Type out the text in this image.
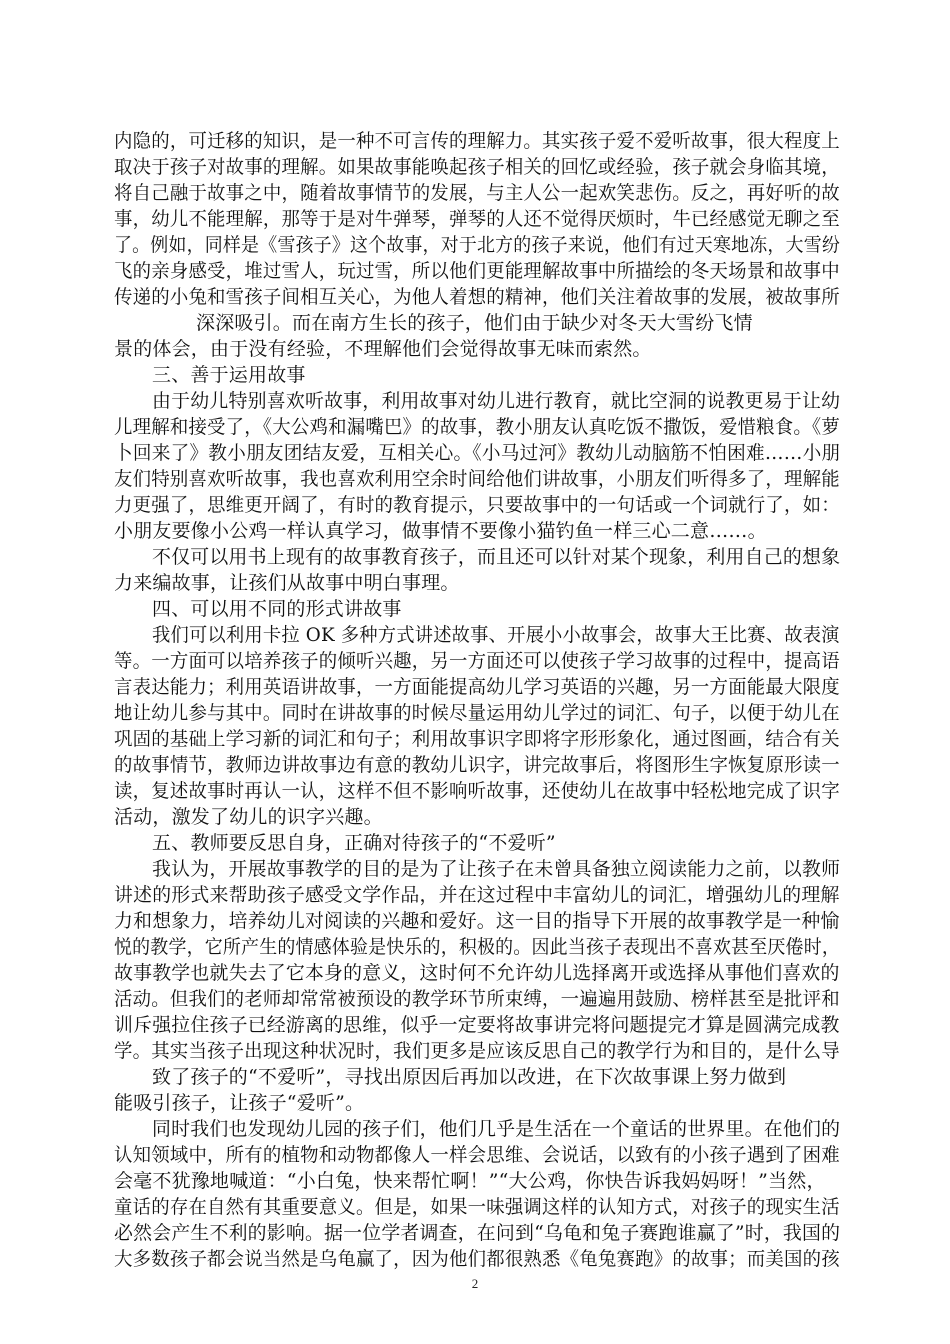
内隐的，可迁移的知识，是一种不可言传的理解力。其实孩子爱不爱听故事，很大程度上
取决于孩子对故事的理解。如果故事能唤起孩子相关的回忆或经验，孩子就会身临其境，
将自己融于故事之中，随着故事情节的发展，与主人公一起欢笑悲伤。反之，再好听的故
事，幼儿不能理解，那等于是对牛弹琴，弹琴的人还不觉得厌烦时，牛已经感觉无聊之至
了。例如，同样是《雪孩子》这个故事，对于北方的孩子来说，他们有过天寒地冻，大雪纷
飞的亲身感受，堆过雪人，玩过雪，所以他们更能理解故事中所描绘的冬天场景和故事中
传递的小兔和雪孩子间相互关心，为他人着想的精神，他们关注着故事的发展，被故事所
深深吸引。而在南方生长的孩子，他们由于缺少对冬天大雪纷飞情
景的体会，由于没有经验，不理解他们会觉得故事无味而索然。
三、善于运用故事
由于幼儿特别喜欢听故事，利用故事对幼儿进行教育，就比空洞的说教更易于让幼
儿理解和接受了，《大公鸡和漏嘴巴》的故事，教小朋友认真吃饭不撒饭，爱惜粮食。《萝
卜回来了》教小朋友团结友爱，互相关心。《小马过河》教幼儿动脑筋不怕困难……小朋
友们特别喜欢听故事，我也喜欢利用空余时间给他们讲故事，小朋友们听得多了，理解能
力更强了，思维更开阔了，有时的教育提示，只要故事中的一句话或一个词就行了，如：
小朋友要像小公鸡一样认真学习，做事情不要像小猫钓鱼一样三心二意……。
不仅可以用书上现有的故事教育孩子，而且还可以针对某个现象，利用自己的想象
力来编故事，让孩们从故事中明白事理。
四、可以用不同的形式讲故事
我们可以利用卡拉 OK 多种方式讲述故事、开展小小故事会，故事大王比赛、故表演
等。一方面可以培养孩子的倾听兴趣，另一方面还可以使孩子学习故事的过程中，提高语
言表达能力；利用英语讲故事，一方面能提高幼儿学习英语的兴趣，另一方面能最大限度
地让幼儿参与其中。同时在讲故事的时候尽量运用幼儿学过的词汇、句子，以便于幼儿在
巩固的基础上学习新的词汇和句子；利用故事识字即将字形形象化，通过图画，结合有关
的故事情节，教师边讲故事边有意的教幼儿识字，讲完故事后，将图形生字恢复原形读一
读，复述故事时再认一认，这样不但不影响听故事，还使幼儿在故事中轻松地完成了识字
活动，激发了幼儿的识字兴趣。
五、教师要反思自身，正确对待孩子的“不爱听”
我认为，开展故事教学的目的是为了让孩子在未曾具备独立阅读能力之前，以教师
讲述的形式来帮助孩子感受文学作品，并在这过程中丰富幼儿的词汇，增强幼儿的理解
力和想象力，培养幼儿对阅读的兴趣和爱好。这一目的指导下开展的故事教学是一种愉
悦的教学，它所产生的情感体验是快乐的，积极的。因此当孩子表现出不喜欢甚至厌倦时，
故事教学也就失去了它本身的意义，这时何不允许幼儿选择离开或选择从事他们喜欢的
活动。但我们的老师却常常被预设的教学环节所束缚，一遍遍用鼓励、榜样甚至是批评和
训斥强拉住孩子已经游离的思维，似乎一定要将故事讲完将问题提完才算是圆满完成教
学。其实当孩子出现这种状况时，我们更多是应该反思自己的教学行为和目的，是什么导
致了孩子的“不爱听”，寻找出原因后再加以改进，在下次故事课上努力做到
能吸引孩子，让孩子“爱听”。
同时我们也发现幼儿园的孩子们，他们几乎是生活在一个童话的世界里。在他们的
认知领域中，所有的植物和动物都像人一样会思维、会说话，以致有的小孩子遇到了困难
会毫不犹豫地喊道：“小白兔，快来帮忙啊！”“大公鸡，你快告诉我妈妈呀！”当然，
童话的存在自然有其重要意义。但是，如果一味强调这样的认知方式，对孩子的现实生活
必然会产生不利的影响。据一位学者调查，在问到“乌龟和兔子赛跑谁赢了”时，我国的
大多数孩子都会说当然是乌龟赢了，因为他们都很熟悉《龟兔赛跑》的故事；而美国的孩
2
